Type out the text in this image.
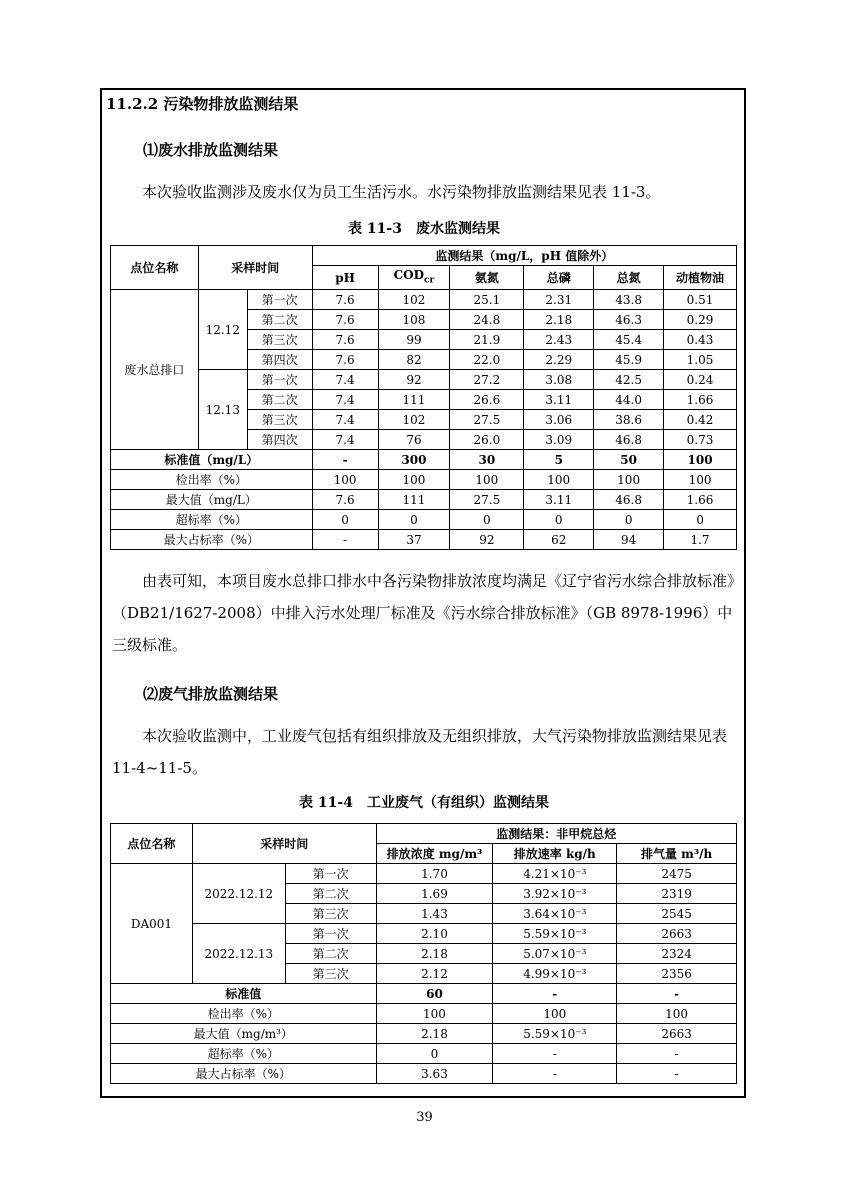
11.2.2 污染物排放监测结果
⑴废水排放监测结果
本次验收监测涉及废水仅为员工生活污水。水污染物排放监测结果见表 11-3。
表 11-3　废水监测结果
点位名称	采样时间		监测结果（mg/L，pH 值除外）					
			pH	$COD_{cr}$	氨氮	总磷	总氮	动植物油
废水总排口	12.12	第一次	7.6	102	25.1	2.31	43.8	0.51
		第二次	7.6	108	24.8	2.18	46.3	0.29
		第三次	7.6	99	21.9	2.43	45.4	0.43
		第四次	7.6	82	22.0	2.29	45.9	1.05
	12.13	第一次	7.4	92	27.2	3.08	42.5	0.24
		第二次	7.4	111	26.6	3.11	44.0	1.66
		第三次	7.4	102	27.5	3.06	38.6	0.42
		第四次	7.4	76	26.0	3.09	46.8	0.73
标准值（mg/L）			-	300	30	5	50	100
检出率（%）			100	100	100	100	100	100
最大值（mg/L）			7.6	111	27.5	3.11	46.8	1.66
超标率（%）			0	0	0	0	0	0
最大占标率（%）			-	37	92	62	94	1.7
由表可知，本项目废水总排口排水中各污染物排放浓度均满足《辽宁省污水综合排放标准》（DB21/1627-2008）中排入污水处理厂标准及《污水综合排放标准》（GB 8978-1996）中三级标准。
⑵废气排放监测结果
本次验收监测中，工业废气包括有组织排放及无组织排放，大气污染物排放监测结果见表 11-4~11-5。
表 11-4　工业废气（有组织）监测结果
点位名称	采样时间		监测结果：非甲烷总烃		
			排放浓度 mg/m³	排放速率 kg/h	排气量 m³/h
DA001	2022.12.12	第一次	1.70	4.21×10⁻³	2475
		第二次	1.69	3.92×10⁻³	2319
		第三次	1.43	3.64×10⁻³	2545
	2022.12.13	第一次	2.10	5.59×10⁻³	2663
		第二次	2.18	5.07×10⁻³	2324
		第三次	2.12	4.99×10⁻³	2356
标准值			60	-	-
检出率（%）			100	100	100
最大值（mg/m³）			2.18	5.59×10⁻³	2663
超标率（%）			0	-	-
最大占标率（%）			3.63	-	-
39
